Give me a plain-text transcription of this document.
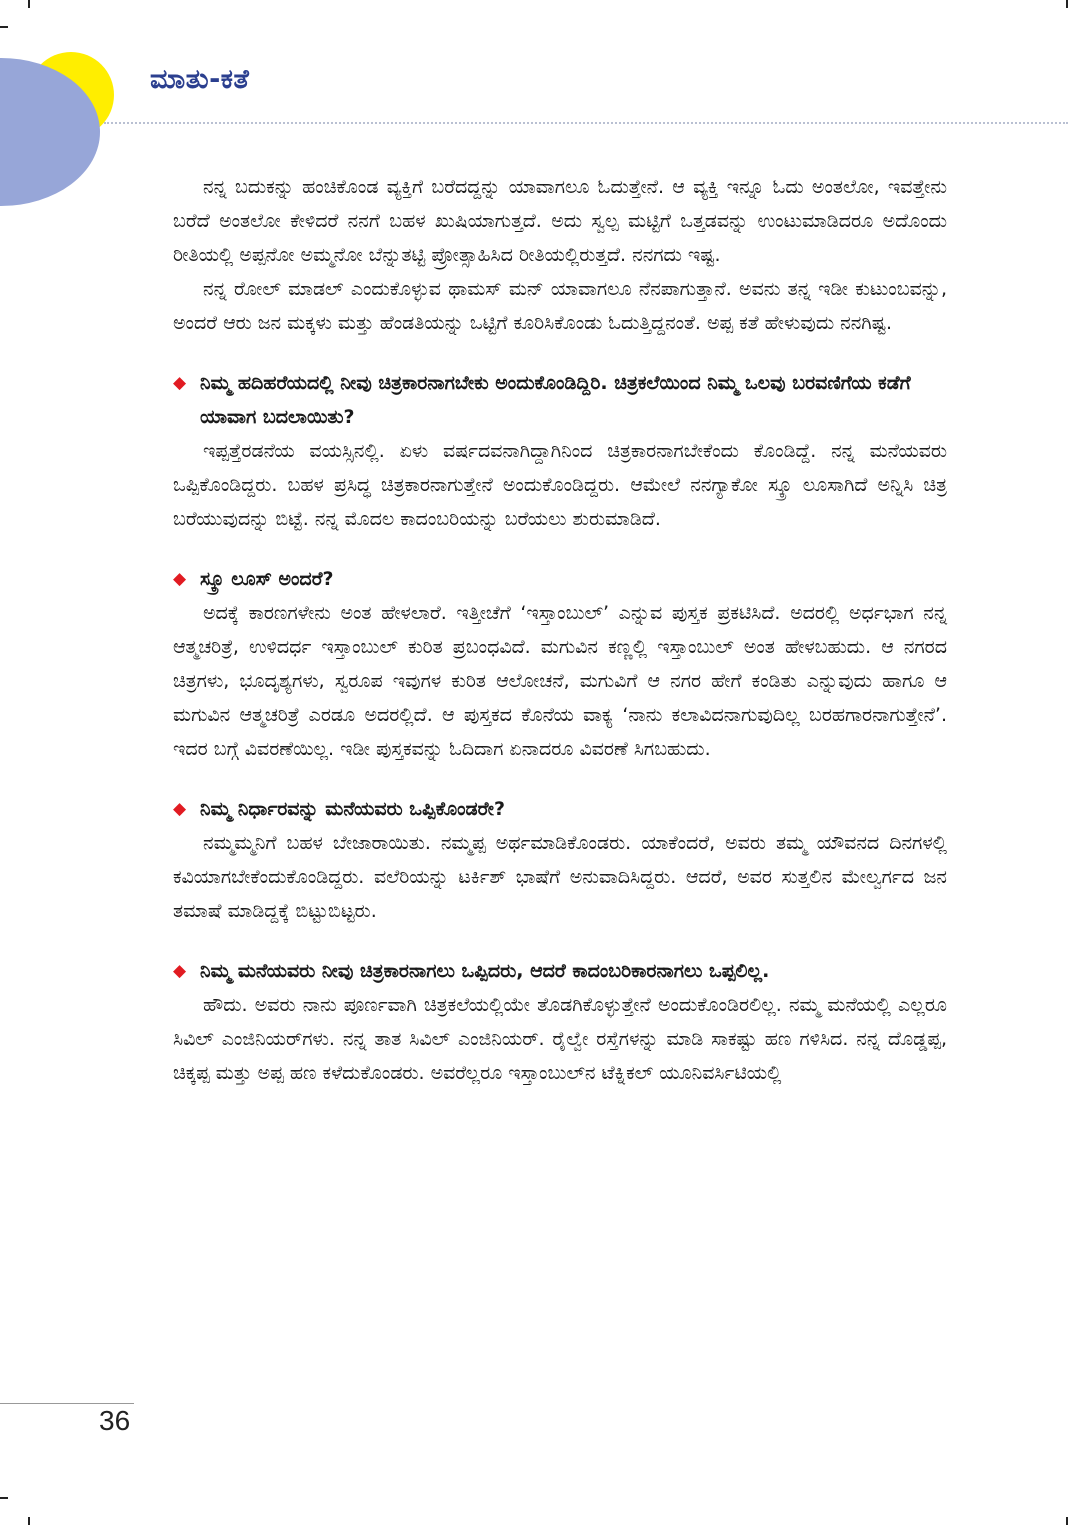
ಮಾತು-ಕತೆ

ನನ್ನ ಬದುಕನ್ನು ಹಂಚಿಕೊಂಡ ವ್ಯಕ್ತಿಗೆ ಬರೆದದ್ದನ್ನು ಯಾವಾಗಲೂ ಓದುತ್ತೇನೆ. ಆ ವ್ಯಕ್ತಿ ಇನ್ನೂ ಓದು ಅಂತಲೋ, ಇವತ್ತೇನು ಬರೆದೆ ಅಂತಲೋ ಕೇಳಿದರೆ ನನಗೆ ಬಹಳ ಖುಷಿಯಾಗುತ್ತದೆ. ಅದು ಸ್ವಲ್ಪ ಮಟ್ಟಿಗೆ ಒತ್ತಡವನ್ನು ಉಂಟುಮಾಡಿದರೂ ಅದೊಂದು ರೀತಿಯಲ್ಲಿ ಅಪ್ಪನೋ ಅಮ್ಮನೋ ಬೆನ್ನುತಟ್ಟಿ ಪ್ರೋತ್ಸಾಹಿಸಿದ ರೀತಿಯಲ್ಲಿರುತ್ತದೆ. ನನಗದು ಇಷ್ಟ.

ನನ್ನ ರೋಲ್ ಮಾಡಲ್ ಎಂದುಕೊಳ್ಳುವ ಥಾಮಸ್ ಮನ್ ಯಾವಾಗಲೂ ನೆನಪಾಗುತ್ತಾನೆ. ಅವನು ತನ್ನ ಇಡೀ ಕುಟುಂಬವನ್ನು, ಅಂದರೆ ಆರು ಜನ ಮಕ್ಕಳು ಮತ್ತು ಹೆಂಡತಿಯನ್ನು ಒಟ್ಟಿಗೆ ಕೂರಿಸಿಕೊಂಡು ಓದುತ್ತಿದ್ದನಂತೆ. ಅಪ್ಪ ಕತೆ ಹೇಳುವುದು ನನಗಿಷ್ಟ.

◆ ನಿಮ್ಮ ಹದಿಹರೆಯದಲ್ಲಿ ನೀವು ಚಿತ್ರಕಾರನಾಗಬೇಕು ಅಂದುಕೊಂಡಿದ್ದಿರಿ. ಚಿತ್ರಕಲೆಯಿಂದ ನಿಮ್ಮ ಒಲವು ಬರವಣಿಗೆಯ ಕಡೆಗೆ ಯಾವಾಗ ಬದಲಾಯಿತು?

ಇಪ್ಪತ್ತೆರಡನೆಯ ವಯಸ್ಸಿನಲ್ಲಿ. ಏಳು ವರ್ಷದವನಾಗಿದ್ದಾಗಿನಿಂದ ಚಿತ್ರಕಾರನಾಗಬೇಕೆಂದು ಕೊಂಡಿದ್ದೆ. ನನ್ನ ಮನೆಯವರು ಒಪ್ಪಿಕೊಂಡಿದ್ದರು. ಬಹಳ ಪ್ರಸಿದ್ಧ ಚಿತ್ರಕಾರನಾಗುತ್ತೇನೆ ಅಂದುಕೊಂಡಿದ್ದರು. ಆಮೇಲೆ ನನಗ್ಯಾಕೋ ಸ್ಕ್ರೂ ಲೂಸಾಗಿದೆ ಅನ್ನಿಸಿ ಚಿತ್ರ ಬರೆಯುವುದನ್ನು ಬಿಟ್ಟೆ. ನನ್ನ ಮೊದಲ ಕಾದಂಬರಿಯನ್ನು ಬರೆಯಲು ಶುರುಮಾಡಿದೆ.

◆ ಸ್ಕ್ರೂ ಲೂಸ್ ಅಂದರೆ?

ಅದಕ್ಕೆ ಕಾರಣಗಳೇನು ಅಂತ ಹೇಳಲಾರೆ. ಇತ್ತೀಚೆಗೆ ‘ಇಸ್ತಾಂಬುಲ್’ ಎನ್ನುವ ಪುಸ್ತಕ ಪ್ರಕಟಿಸಿದೆ. ಅದರಲ್ಲಿ ಅರ್ಧಭಾಗ ನನ್ನ ಆತ್ಮಚರಿತ್ರೆ, ಉಳಿದರ್ಧ ಇಸ್ತಾಂಬುಲ್ ಕುರಿತ ಪ್ರಬಂಧವಿದೆ. ಮಗುವಿನ ಕಣ್ಣಲ್ಲಿ ಇಸ್ತಾಂಬುಲ್ ಅಂತ ಹೇಳಬಹುದು. ಆ ನಗರದ ಚಿತ್ರಗಳು, ಭೂದೃಶ್ಯಗಳು, ಸ್ವರೂಪ ಇವುಗಳ ಕುರಿತ ಆಲೋಚನೆ, ಮಗುವಿಗೆ ಆ ನಗರ ಹೇಗೆ ಕಂಡಿತು ಎನ್ನುವುದು ಹಾಗೂ ಆ ಮಗುವಿನ ಆತ್ಮಚರಿತ್ರೆ ಎರಡೂ ಅದರಲ್ಲಿದೆ. ಆ ಪುಸ್ತಕದ ಕೊನೆಯ ವಾಕ್ಯ ‘ನಾನು ಕಲಾವಿದನಾಗುವುದಿಲ್ಲ ಬರಹಗಾರನಾಗುತ್ತೇನೆ’. ಇದರ ಬಗ್ಗೆ ವಿವರಣೆಯಿಲ್ಲ. ಇಡೀ ಪುಸ್ತಕವನ್ನು ಓದಿದಾಗ ಏನಾದರೂ ವಿವರಣೆ ಸಿಗಬಹುದು.

◆ ನಿಮ್ಮ ನಿರ್ಧಾರವನ್ನು ಮನೆಯವರು ಒಪ್ಪಿಕೊಂಡರೇ?

ನಮ್ಮಮ್ಮನಿಗೆ ಬಹಳ ಬೇಜಾರಾಯಿತು. ನಮ್ಮಪ್ಪ ಅರ್ಥಮಾಡಿಕೊಂಡರು. ಯಾಕೆಂದರೆ, ಅವರು ತಮ್ಮ ಯೌವನದ ದಿನಗಳಲ್ಲಿ ಕವಿಯಾಗಬೇಕೆಂದುಕೊಂಡಿದ್ದರು. ವಲೆರಿಯನ್ನು ಟರ್ಕಿಶ್ ಭಾಷೆಗೆ ಅನುವಾದಿಸಿದ್ದರು. ಆದರೆ, ಅವರ ಸುತ್ತಲಿನ ಮೇಲ್ವರ್ಗದ ಜನ ತಮಾಷೆ ಮಾಡಿದ್ದಕ್ಕೆ ಬಿಟ್ಟುಬಿಟ್ಟರು.

◆ ನಿಮ್ಮ ಮನೆಯವರು ನೀವು ಚಿತ್ರಕಾರನಾಗಲು ಒಪ್ಪಿದರು, ಆದರೆ ಕಾದಂಬರಿಕಾರನಾಗಲು ಒಪ್ಪಲಿಲ್ಲ.

ಹೌದು. ಅವರು ನಾನು ಪೂರ್ಣವಾಗಿ ಚಿತ್ರಕಲೆಯಲ್ಲಿಯೇ ತೊಡಗಿಕೊಳ್ಳುತ್ತೇನೆ ಅಂದುಕೊಂಡಿರಲಿಲ್ಲ. ನಮ್ಮ ಮನೆಯಲ್ಲಿ ಎಲ್ಲರೂ ಸಿವಿಲ್ ಎಂಜಿನಿಯರ್‌ಗಳು. ನನ್ನ ತಾತ ಸಿವಿಲ್ ಎಂಜಿನಿಯರ್. ರೈಲ್ವೇ ರಸ್ತೆಗಳನ್ನು ಮಾಡಿ ಸಾಕಷ್ಟು ಹಣ ಗಳಿಸಿದ. ನನ್ನ ದೊಡ್ಡಪ್ಪ, ಚಿಕ್ಕಪ್ಪ ಮತ್ತು ಅಪ್ಪ ಹಣ ಕಳೆದುಕೊಂಡರು. ಅವರೆಲ್ಲರೂ ಇಸ್ತಾಂಬುಲ್‌ನ ಟೆಕ್ನಿಕಲ್ ಯೂನಿವರ್ಸಿಟಿಯಲ್ಲಿ

36
